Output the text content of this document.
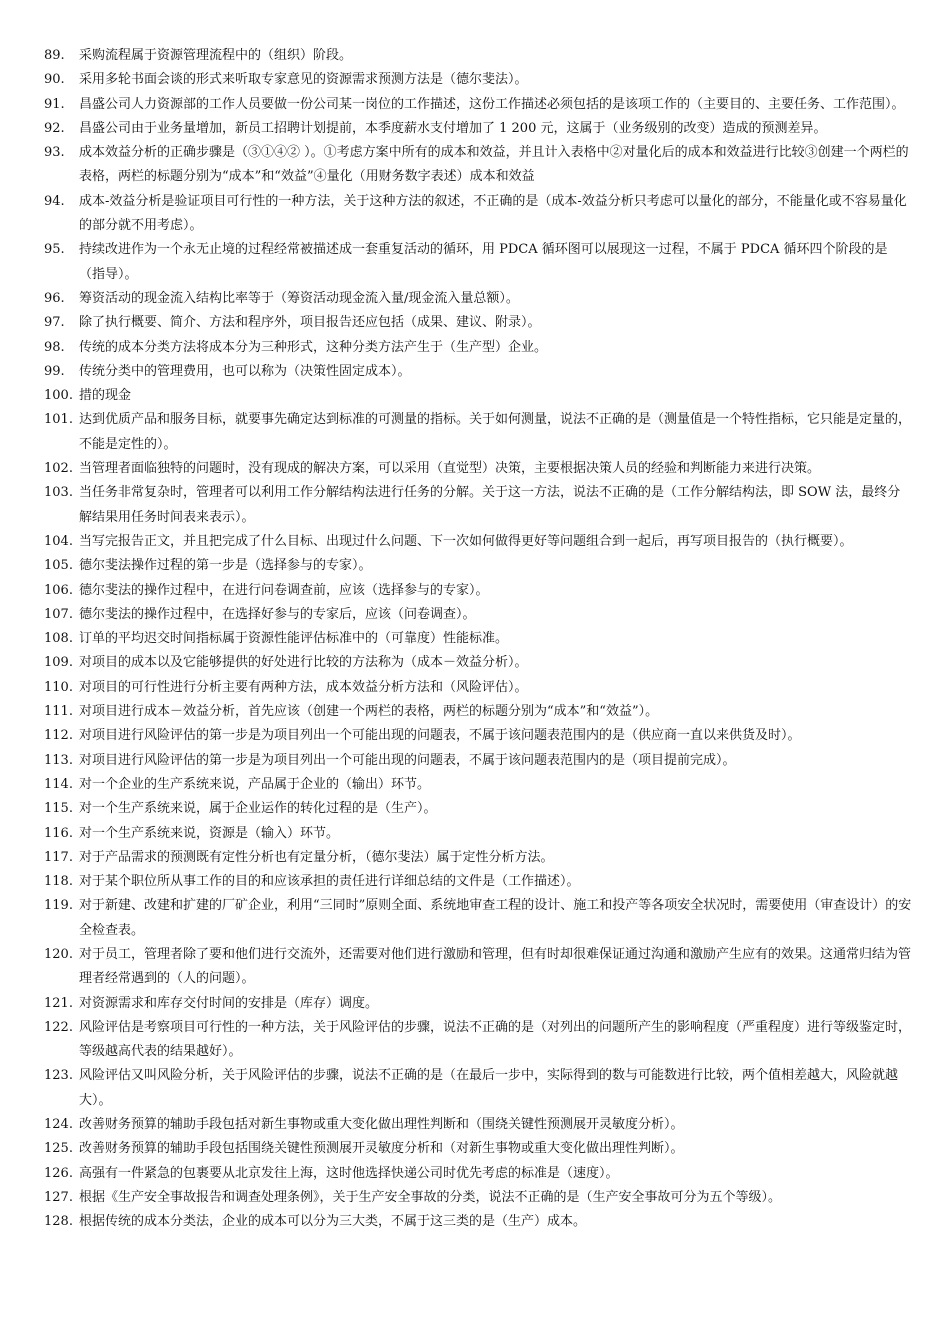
89.	采购流程属于资源管理流程中的（组织）阶段。
90.	采用多轮书面会谈的形式来听取专家意见的资源需求预测方法是（德尔斐法）。
91.	昌盛公司人力资源部的工作人员要做一份公司某一岗位的工作描述，这份工作描述必须包括的是该项工作的（主要目的、主要任务、工作范围）。
92.	昌盛公司由于业务量增加，新员工招聘计划提前，本季度薪水支付增加了 1 200 元，这属于（业务级别的改变）造成的预测差异。
93.	成本效益分析的正确步骤是（③①④② ）。①考虑方案中所有的成本和效益，并且计入表格中②对量化后的成本和效益进行比较③创建一个两栏的表格，两栏的标题分别为“成本”和“效益”④量化（用财务数字表述）成本和效益
94.	成本-效益分析是验证项目可行性的一种方法，关于这种方法的叙述，不正确的是（成本-效益分析只考虑可以量化的部分，不能量化或不容易量化的部分就不用考虑）。
95.	持续改进作为一个永无止境的过程经常被描述成一套重复活动的循环，用 PDCA 循环图可以展现这一过程，不属于 PDCA 循环四个阶段的是（指导）。
96.	筹资活动的现金流入结构比率等于（筹资活动现金流入量/现金流入量总额）。
97.	除了执行概要、简介、方法和程序外，项目报告还应包括（成果、建议、附录）。
98.	传统的成本分类方法将成本分为三种形式，这种分类方法产生于（生产型）企业。
99.	传统分类中的管理费用，也可以称为（决策性固定成本）。
100. 措的现金
101. 达到优质产品和服务目标，就要事先确定达到标准的可测量的指标。关于如何测量，说法不正确的是（测量值是一个特性指标，它只能是定量的，不能是定性的）。
102. 当管理者面临独特的问题时，没有现成的解决方案，可以采用（直觉型）决策，主要根据决策人员的经验和判断能力来进行决策。
103. 当任务非常复杂时，管理者可以利用工作分解结构法进行任务的分解。关于这一方法，说法不正确的是（工作分解结构法，即 SOW 法，最终分解结果用任务时间表来表示）。
104. 当写完报告正文，并且把完成了什么目标、出现过什么问题、下一次如何做得更好等问题组合到一起后，再写项目报告的（执行概要）。
105. 德尔斐法操作过程的第一步是（选择参与的专家）。
106. 德尔斐法的操作过程中，在进行问卷调查前，应该（选择参与的专家）。
107. 德尔斐法的操作过程中，在选择好参与的专家后，应该（问卷调查）。
108. 订单的平均迟交时间指标属于资源性能评估标准中的（可靠度）性能标准。
109. 对项目的成本以及它能够提供的好处进行比较的方法称为（成本－效益分析）。
110. 对项目的可行性进行分析主要有两种方法，成本效益分析方法和（风险评估）。
111. 对项目进行成本－效益分析，首先应该（创建一个两栏的表格，两栏的标题分别为“成本”和“效益”）。
112. 对项目进行风险评估的第一步是为项目列出一个可能出现的问题表，不属于该问题表范围内的是（供应商一直以来供货及时）。
113. 对项目进行风险评估的第一步是为项目列出一个可能出现的问题表，不属于该问题表范围内的是（项目提前完成）。
114. 对一个企业的生产系统来说，产品属于企业的（输出）环节。
115. 对一个生产系统来说，属于企业运作的转化过程的是（生产）。
116. 对一个生产系统来说，资源是（输入）环节。
117. 对于产品需求的预测既有定性分析也有定量分析，（德尔斐法）属于定性分析方法。
118. 对于某个职位所从事工作的目的和应该承担的责任进行详细总结的文件是（工作描述）。
119. 对于新建、改建和扩建的厂矿企业，利用“三同时”原则全面、系统地审查工程的设计、施工和投产等各项安全状况时，需要使用（审查设计）的安全检查表。
120. 对于员工，管理者除了要和他们进行交流外，还需要对他们进行激励和管理，但有时却很难保证通过沟通和激励产生应有的效果。这通常归结为管理者经常遇到的（人的问题）。
121. 对资源需求和库存交付时间的安排是（库存）调度。
122. 风险评估是考察项目可行性的一种方法，关于风险评估的步骤，说法不正确的是（对列出的问题所产生的影响程度（严重程度）进行等级鉴定时，等级越高代表的结果越好）。
123. 风险评估又叫风险分析，关于风险评估的步骤，说法不正确的是（在最后一步中，实际得到的数与可能数进行比较，两个值相差越大，风险就越大）。
124. 改善财务预算的辅助手段包括对新生事物或重大变化做出理性判断和（围绕关键性预测展开灵敏度分析）。
125. 改善财务预算的辅助手段包括围绕关键性预测展开灵敏度分析和（对新生事物或重大变化做出理性判断）。
126. 高强有一件紧急的包裹要从北京发往上海，这时他选择快递公司时优先考虑的标准是（速度）。
127. 根据《生产安全事故报告和调查处理条例》，关于生产安全事故的分类，说法不正确的是（生产安全事故可分为五个等级）。
128. 根据传统的成本分类法，企业的成本可以分为三大类，不属于这三类的是（生产）成本。
